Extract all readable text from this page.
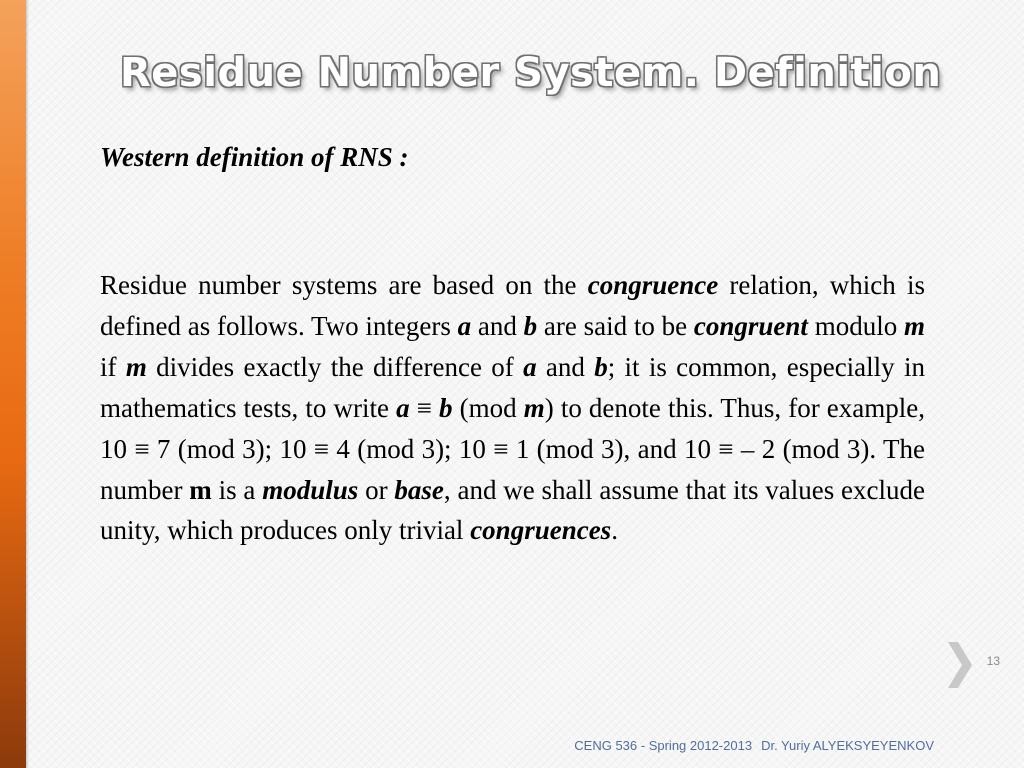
Residue Number System. Definition
Western definition of RNS :

Residue number systems are based on the congruence relation, which is defined as follows. Two integers a and b are said to be congruent modulo m if m divides exactly the difference of a and b; it is common, especially in mathematics tests, to write a ≡ b (mod m) to denote this. Thus, for example, 10 ≡ 7 (mod 3); 10 ≡ 4 (mod 3); 10 ≡ 1 (mod 3), and 10 ≡ – 2 (mod 3). The number m is a modulus or base, and we shall assume that its values exclude unity, which produces only trivial congruences.

13
CENG 536 - Spring 2012-2013 Dr. Yuriy ALYEKSYEYENKOV
